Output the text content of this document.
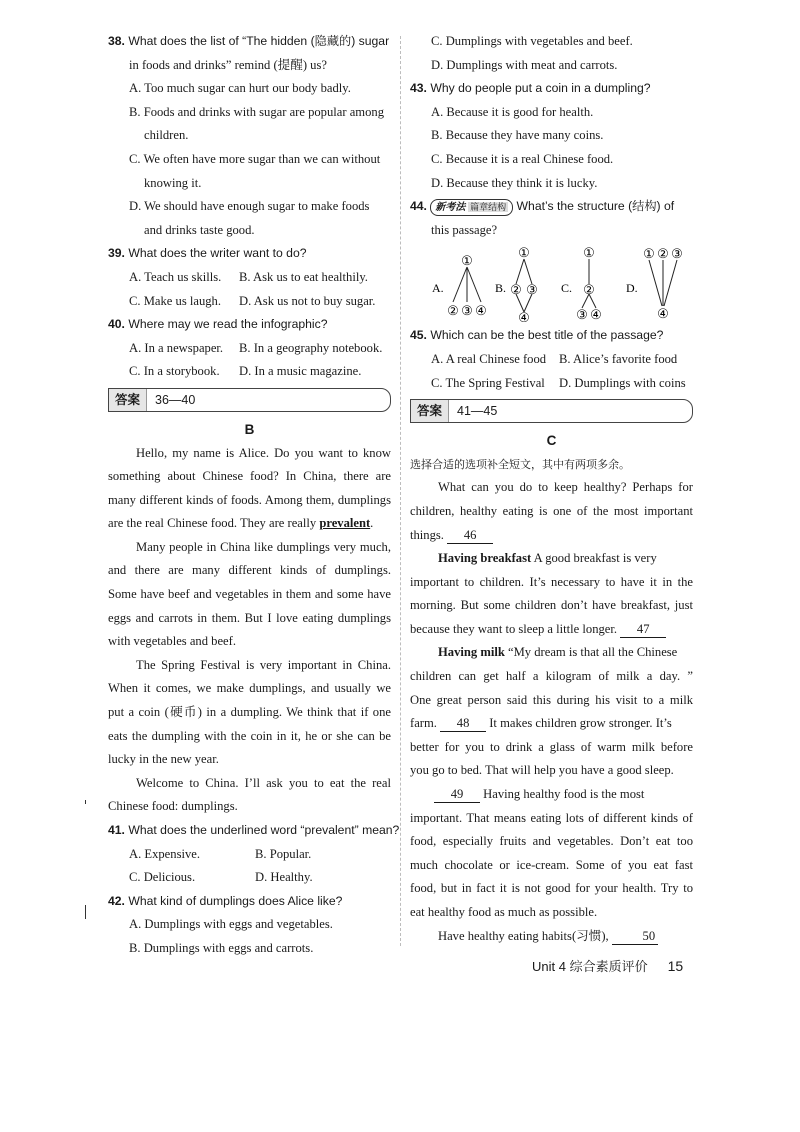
38. What does the list of “The hidden (隐藏的) sugar
in foods and drinks” remind (提醒) us?
A. Too much sugar can hurt our body badly.
B. Foods and drinks with sugar are popular among
children.
C. We often have more sugar than we can without
knowing it.
D. We should have enough sugar to make foods
and drinks taste good.
39. What does the writer want to do?
A. Teach us skills.	B. Ask us to eat healthily.
C. Make us laugh.	D. Ask us not to buy sugar.
40. Where may we read the infographic?
A. In a newspaper.	B. In a geography notebook.
C. In a storybook.	D. In a music magazine.
答案	36—40
B
Hello, my name is Alice. Do you want to know
something about Chinese food? In China, there are
many different kinds of foods. Among them, dumplings
are the real Chinese food. They are really prevalent.
Many people in China like dumplings very much,
and there are many different kinds of dumplings.
Some have beef and vegetables in them and some have
eggs and carrots in them. But I love eating dumplings
with vegetables and beef.
The Spring Festival is very important in China.
When it comes, we make dumplings, and usually we
put a coin (硬币) in a dumpling. We think that if one
eats the dumpling with the coin in it, he or she can be
lucky in the new year.
Welcome to China. I’ll ask you to eat the real
Chinese food: dumplings.
41. What does the underlined word “prevalent” mean?
A. Expensive.	B. Popular.
C. Delicious.	D. Healthy.
42. What kind of dumplings does Alice like?
A. Dumplings with eggs and vegetables.
B. Dumplings with eggs and carrots.
C. Dumplings with vegetables and beef.
D. Dumplings with meat and carrots.
43. Why do people put a coin in a dumpling?
A. Because it is good for health.
B. Because they have many coins.
C. Because it is a real Chinese food.
D. Because they think it is lucky.
44. 新考法 篇章结构 What’s the structure (结构) of
this passage?
A.
①
② ③ ④
B.
①
② ③
④
C.
①
②
③ ④
D.
① ② ③
④
45. Which can be the best title of the passage?
A. A real Chinese food	B. Alice’s favorite food
C. The Spring Festival	D. Dumplings with coins
答案	41—45
C
选择合适的选项补全短文，其中有两项多余。
What can you do to keep healthy? Perhaps for
children, healthy eating is one of the most important
things. 46
Having breakfast A good breakfast is very
important to children. It’s necessary to have it in the
morning. But some children don’t have breakfast, just
because they want to sleep a little longer. 47
Having milk “My dream is that all the Chinese
children can get half a kilogram of milk a day. ”
One great person said this during his visit to a milk
farm. 48 It makes children grow stronger. It’s
better for you to drink a glass of warm milk before
you go to bed. That will help you have a good sleep.
49 Having healthy food is the most
important. That means eating lots of different kinds of
food, especially fruits and vegetables. Don’t eat too
much chocolate or ice-cream. Some of you eat fast
food, but in fact it is not good for your health. Try to
eat healthy food as much as possible.
Have healthy eating habits(习惯),	50
Unit 4 综合素质评价 15
